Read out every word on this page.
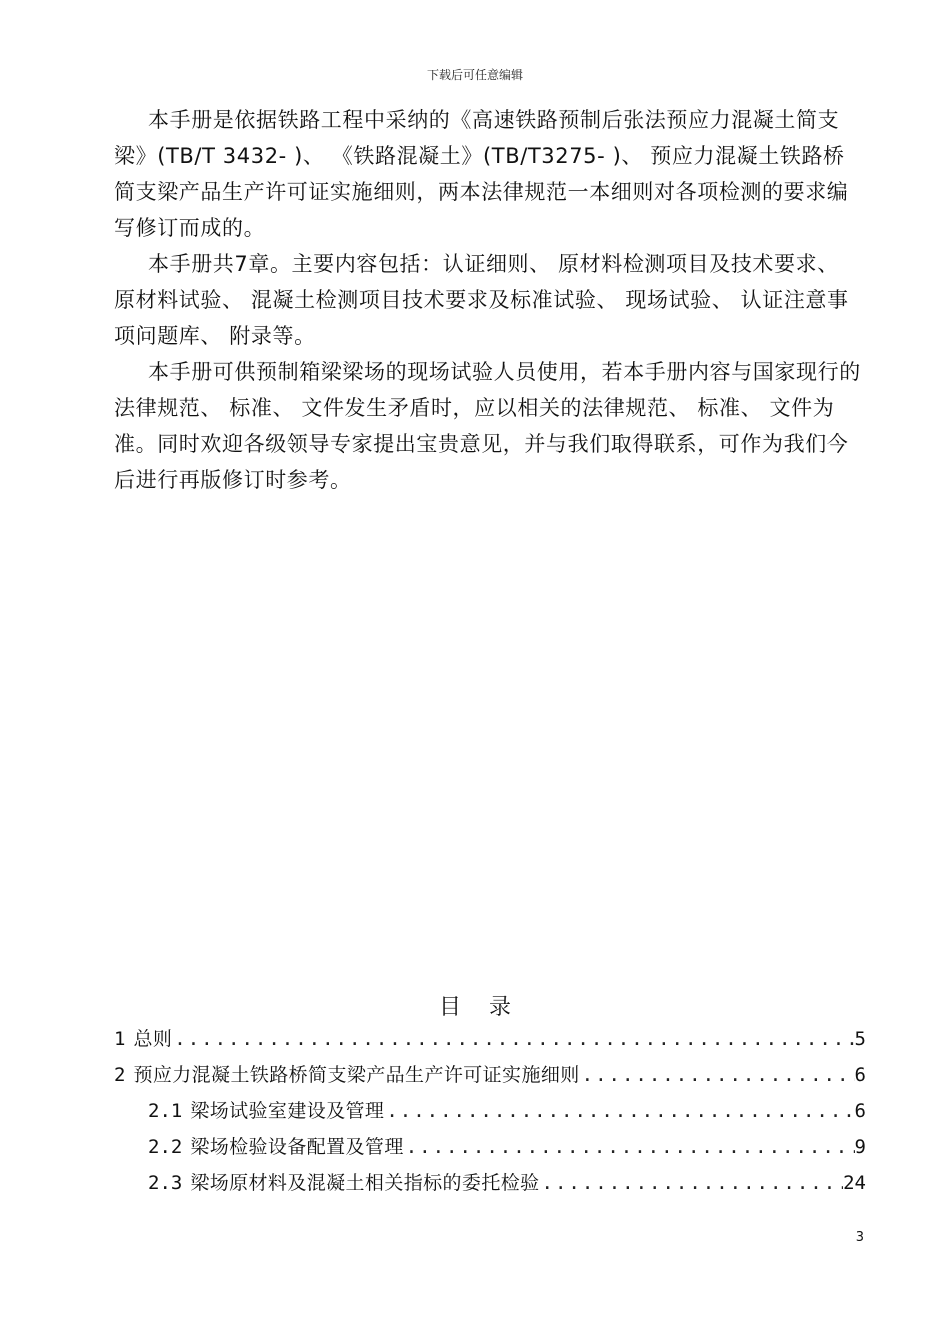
下载后可任意编辑

本手册是依据铁路工程中采纳的《高速铁路预制后张法预应力混凝土简支 梁》(TB/T 3432- )、 《铁路混凝土》(TB/T3275- )、 预应力混凝土铁路桥简支梁产品生产许可证实施细则，两本法律规范一本细则对各项检测的要求编写修订而成的。

本手册共7章。主要内容包括：认证细则、 原材料检测项目及技术要求、 原材料试验、 混凝土检测项目技术要求及标准试验、 现场试验、 认证注意事项问题库、 附录等。

本手册可供预制箱梁梁场的现场试验人员使用，若本手册内容与国家现行的法律规范、 标准、 文件发生矛盾时，应以相关的法律规范、 标准、 文件为准。同时欢迎各级领导专家提出宝贵意见，并与我们取得联系，可作为我们今后进行再版修订时参考。

目录
1 总则 .....	5
2 预应力混凝土铁路桥简支梁产品生产许可证实施细则 .....	6
2.1 梁场试验室建设及管理 .....	6
2.2 梁场检验设备配置及管理 .....	9
2.3 梁场原材料及混凝土相关指标的委托检验 .....	24
3
